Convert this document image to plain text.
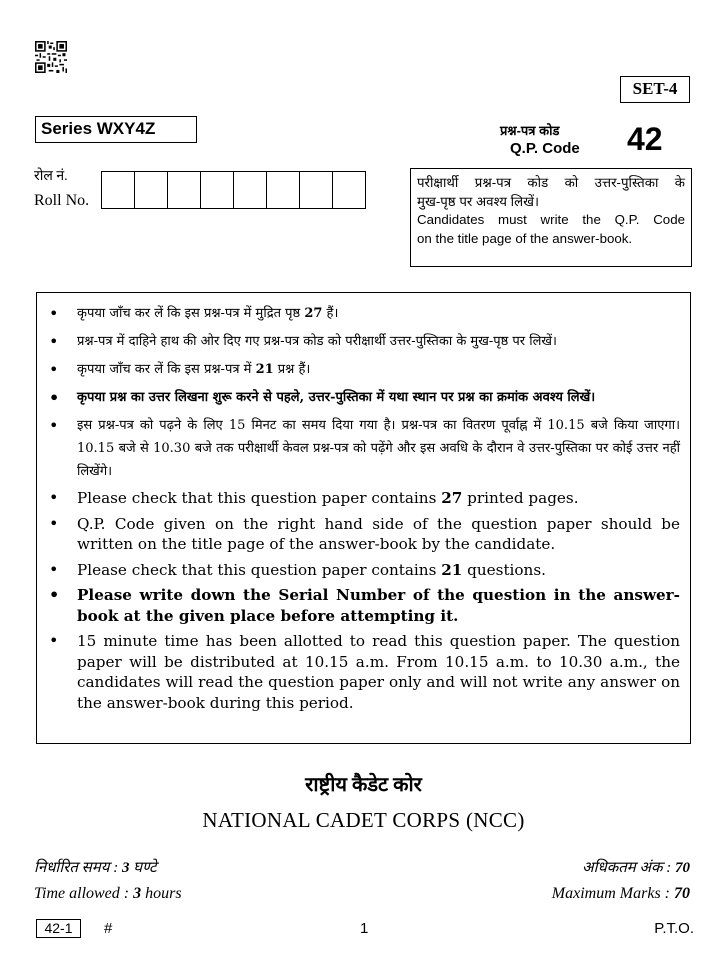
SET-4
Series WXY4Z	प्रश्न-पत्र कोड
Q.P. Code 42
रोल नं.
Roll No.
परीक्षार्थी प्रश्न-पत्र कोड को उत्तर-पुस्तिका के
मुख-पृष्ठ पर अवश्य लिखें।
Candidates must write the Q.P. Code
on the title page of the answer-book.
• कृपया जाँच कर लें कि इस प्रश्न-पत्र में मुद्रित पृष्ठ 27 हैं।
• प्रश्न-पत्र में दाहिने हाथ की ओर दिए गए प्रश्न-पत्र कोड को परीक्षार्थी उत्तर-पुस्तिका के मुख-पृष्ठ पर लिखें।
• कृपया जाँच कर लें कि इस प्रश्न-पत्र में 21 प्रश्न हैं।
• कृपया प्रश्न का उत्तर लिखना शुरू करने से पहले, उत्तर-पुस्तिका में यथा स्थान पर प्रश्न का क्रमांक अवश्य लिखें।
• इस प्रश्न-पत्र को पढ़ने के लिए 15 मिनट का समय दिया गया है। प्रश्न-पत्र का वितरण पूर्वाह्न में 10.15 बजे किया जाएगा। 10.15 बजे से 10.30 बजे तक परीक्षार्थी केवल प्रश्न-पत्र को पढ़ेंगे और इस अवधि के दौरान वे उत्तर-पुस्तिका पर कोई उत्तर नहीं लिखेंगे।
• Please check that this question paper contains 27 printed pages.
• Q.P. Code given on the right hand side of the question paper should be written on the title page of the answer-book by the candidate.
• Please check that this question paper contains 21 questions.
• Please write down the Serial Number of the question in the answer-book at the given place before attempting it.
• 15 minute time has been allotted to read this question paper. The question paper will be distributed at 10.15 a.m. From 10.15 a.m. to 10.30 a.m., the candidates will read the question paper only and will not write any answer on the answer-book during this period.
राष्ट्रीय कैडेट कोर
NATIONAL CADET CORPS (NCC)
निर्धारित समय : 3 घण्टे	अधिकतम अंक : 70
Time allowed : 3 hours	Maximum Marks : 70
42-1	#	1	P.T.O.
